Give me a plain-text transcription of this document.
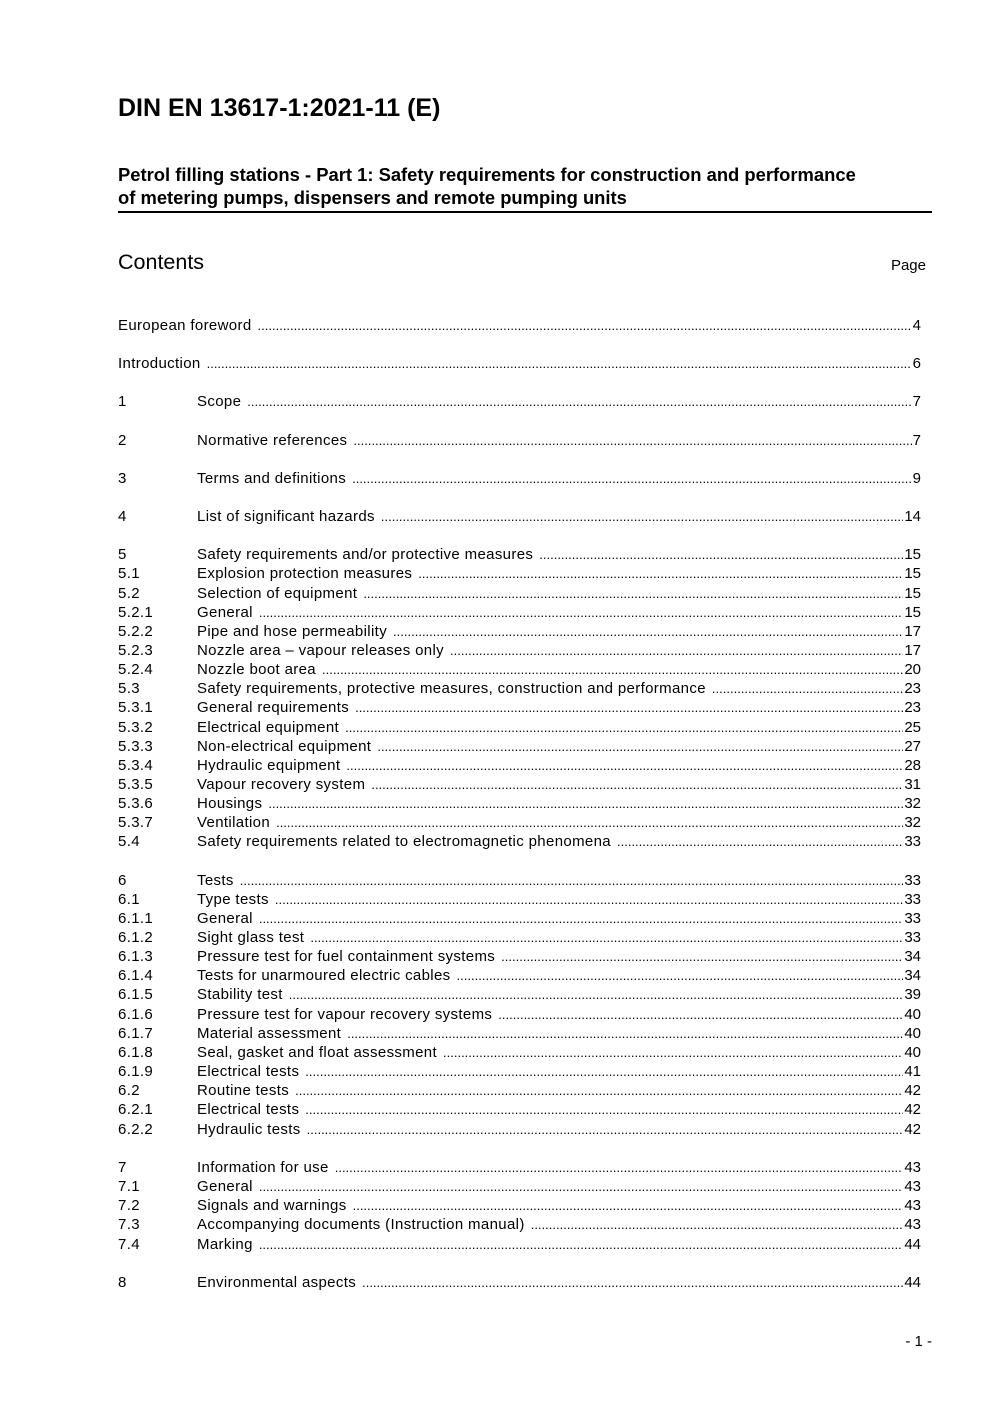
DIN EN 13617-1:2021-11 (E)
Petrol filling stations - Part 1: Safety requirements for construction and performance
of metering pumps, dispensers and remote pumping units
Contents	Page
European foreword .....	4
Introduction .....	6
1	Scope .....	7
2	Normative references .....	7
3	Terms and definitions .....	9
4	List of significant hazards .....	14
5	Safety requirements and/or protective measures .....	15
5.1	Explosion protection measures .....	15
5.2	Selection of equipment .....	15
5.2.1	General .....	15
5.2.2	Pipe and hose permeability .....	17
5.2.3	Nozzle area – vapour releases only .....	17
5.2.4	Nozzle boot area .....	20
5.3	Safety requirements, protective measures, construction and performance .....	23
5.3.1	General requirements .....	23
5.3.2	Electrical equipment .....	25
5.3.3	Non-electrical equipment .....	27
5.3.4	Hydraulic equipment .....	28
5.3.5	Vapour recovery system .....	31
5.3.6	Housings .....	32
5.3.7	Ventilation .....	32
5.4	Safety requirements related to electromagnetic phenomena .....	33
6	Tests .....	33
6.1	Type tests .....	33
6.1.1	General .....	33
6.1.2	Sight glass test .....	33
6.1.3	Pressure test for fuel containment systems .....	34
6.1.4	Tests for unarmoured electric cables .....	34
6.1.5	Stability test .....	39
6.1.6	Pressure test for vapour recovery systems .....	40
6.1.7	Material assessment .....	40
6.1.8	Seal, gasket and float assessment .....	40
6.1.9	Electrical tests .....	41
6.2	Routine tests .....	42
6.2.1	Electrical tests .....	42
6.2.2	Hydraulic tests .....	42
7	Information for use .....	43
7.1	General .....	43
7.2	Signals and warnings .....	43
7.3	Accompanying documents (Instruction manual) .....	43
7.4	Marking .....	44
8	Environmental aspects .....	44
- 1 -
